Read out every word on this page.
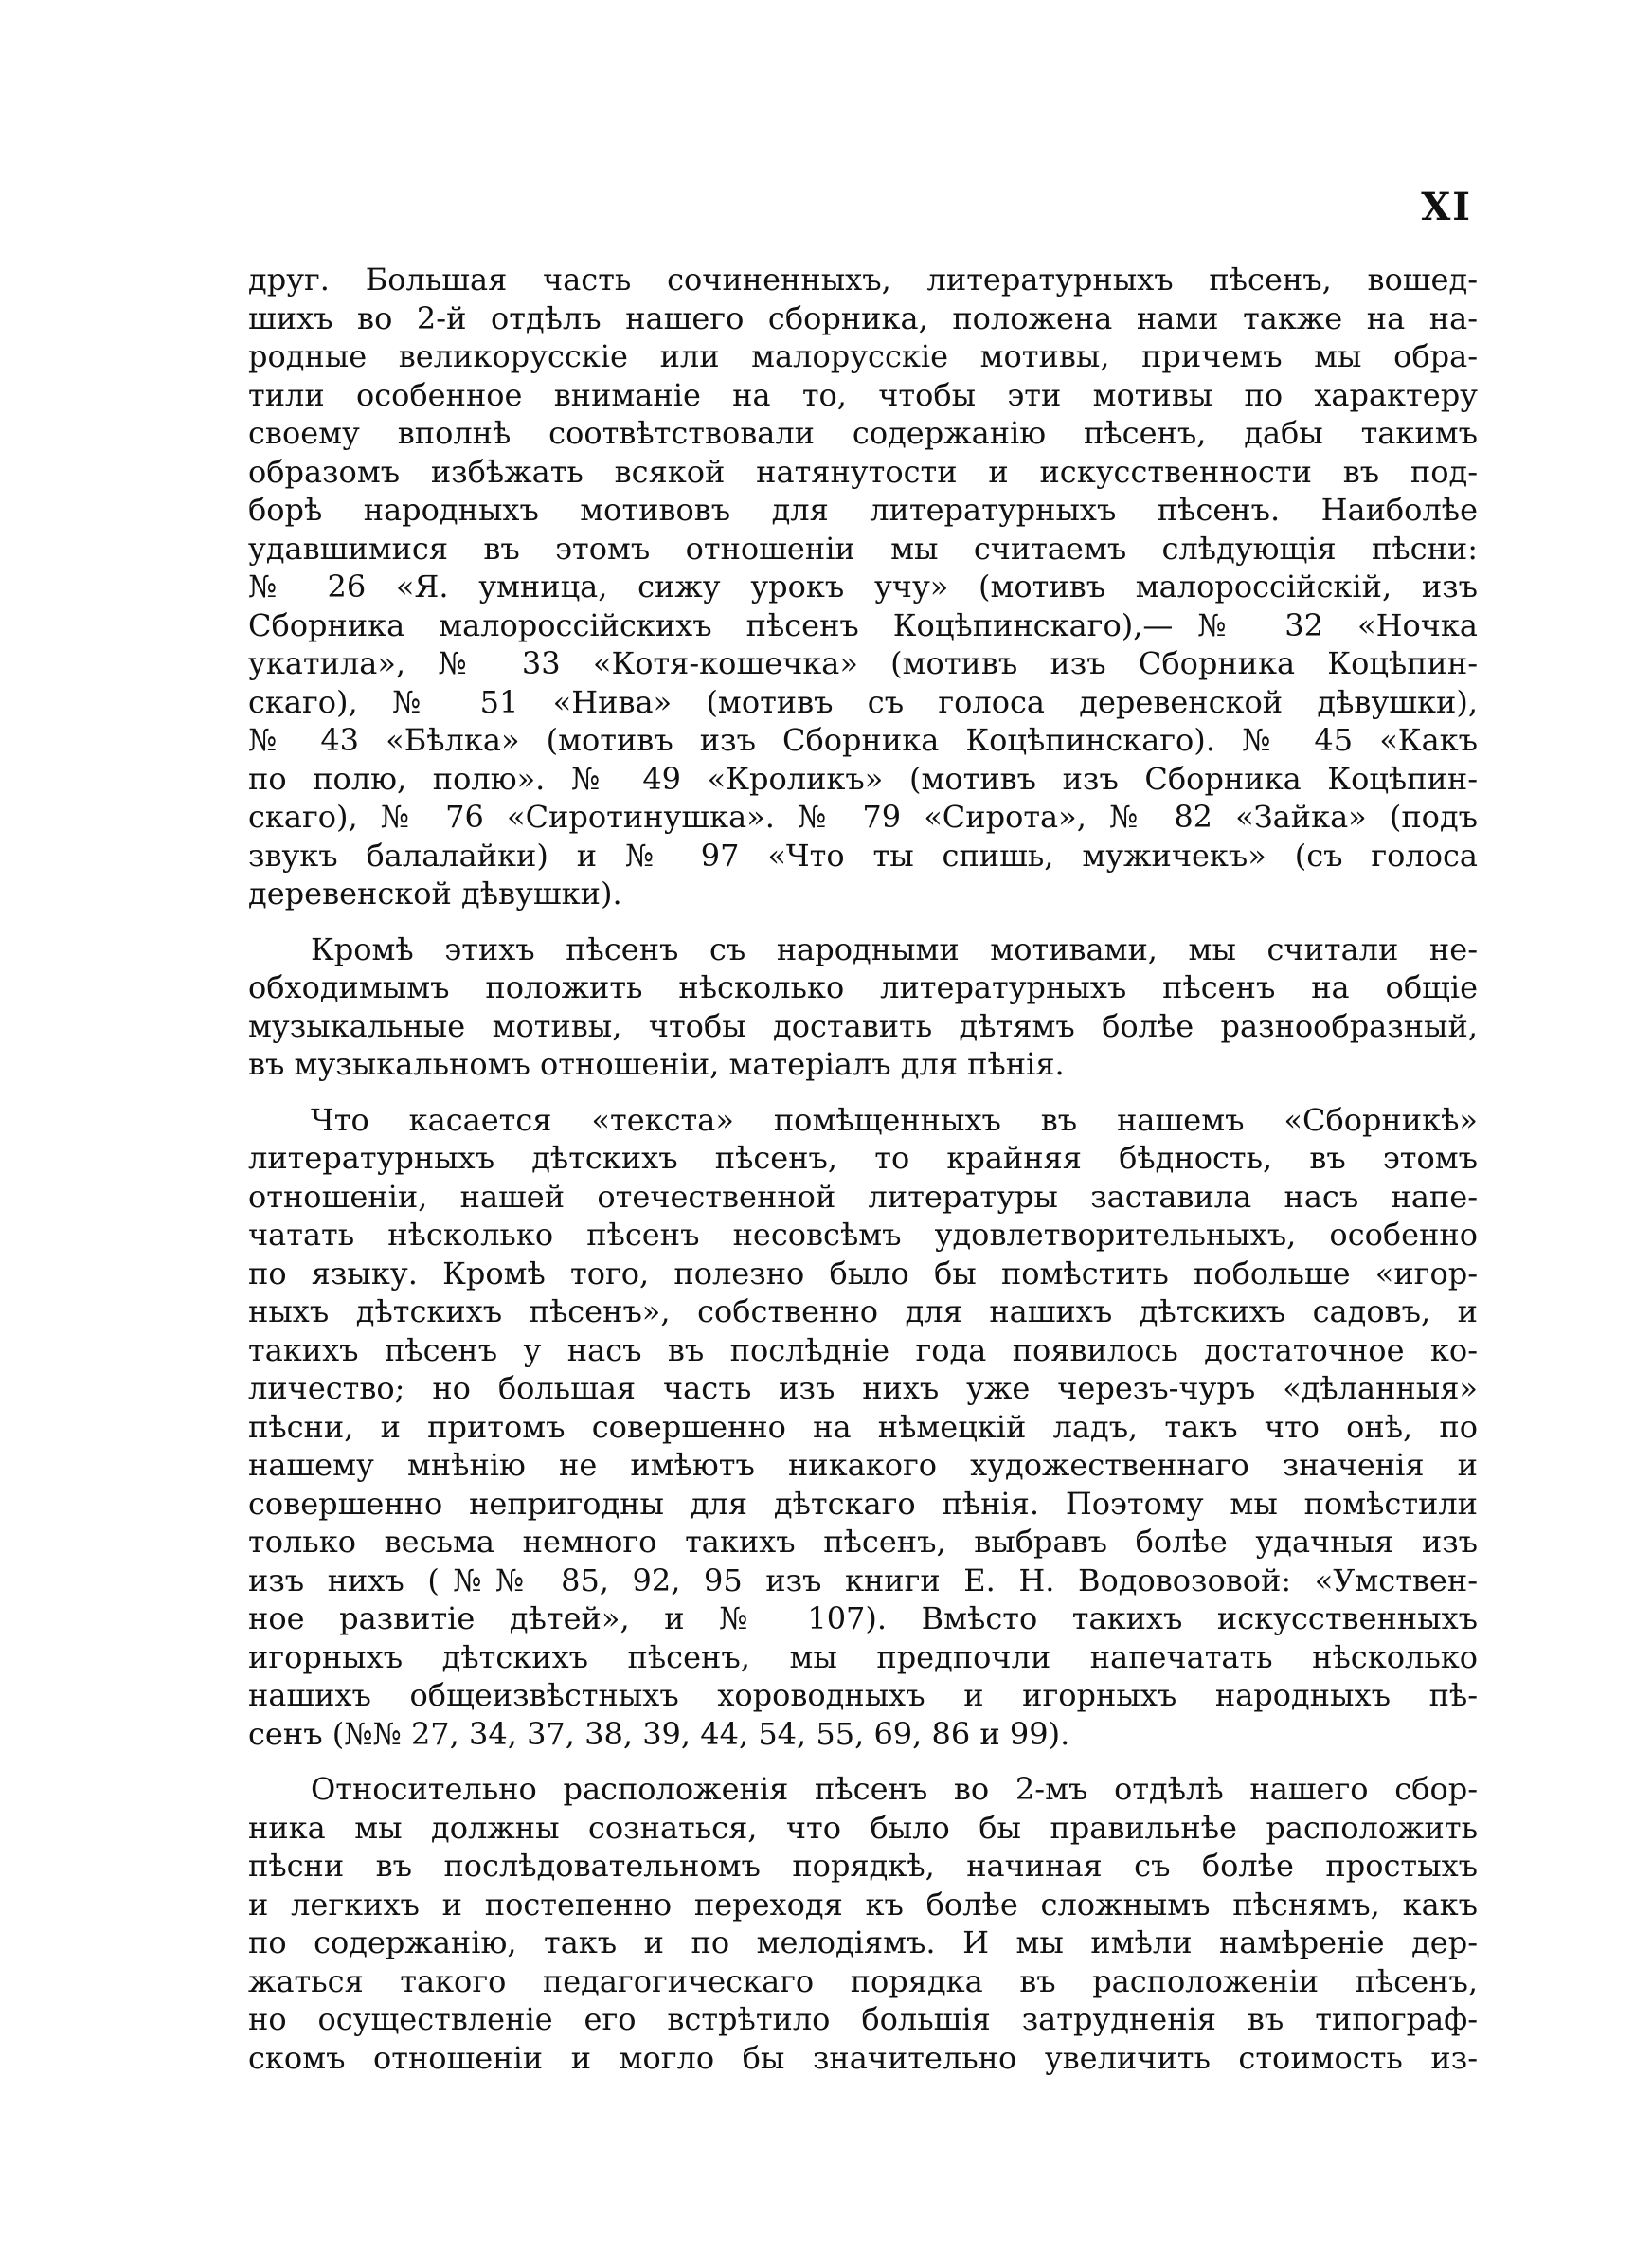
XI
друг. Большая часть сочиненныхъ, литературныхъ пѣсенъ, вошед-
шихъ во 2-й отдѣлъ нашего сборника, положена нами также на на-
родные великорусскіе или малорусскіе мотивы, причемъ мы обра-
тили особенное вниманіе на то, чтобы эти мотивы по характеру
своему вполнѣ соотвѣтствовали содержанію пѣсенъ, дабы такимъ
образомъ избѣжать всякой натянутости и искусственности въ под-
борѣ народныхъ мотивовъ для литературныхъ пѣсенъ. Наиболѣе
удавшимися въ этомъ отношеніи мы считаемъ слѣдующія пѣсни:
№ 26 «Я. умница, сижу урокъ учу» (мотивъ малороссійскій, изъ
Сборника малороссійскихъ пѣсенъ Коцѣпинскаго),—№ 32 «Ночка
укатила», № 33 «Котя-кошечка» (мотивъ изъ Сборника Коцѣпин-
скаго), № 51 «Нива» (мотивъ съ голоса деревенской дѣвушки),
№ 43 «Бѣлка» (мотивъ изъ Сборника Коцѣпинскаго). № 45 «Какъ
по полю, полю». № 49 «Кроликъ» (мотивъ изъ Сборника Коцѣпин-
скаго), № 76 «Сиротинушка». № 79 «Сирота», № 82 «Зайка» (подъ
звукъ балалайки) и № 97 «Что ты спишь, мужичекъ» (съ голоса
деревенской дѣвушки).
Кромѣ этихъ пѣсенъ съ народными мотивами, мы считали не-
обходимымъ положить нѣсколько литературныхъ пѣсенъ на общіе
музыкальные мотивы, чтобы доставить дѣтямъ болѣе разнообразный,
въ музыкальномъ отношеніи, матеріалъ для пѣнія.
Что касается «текста» помѣщенныхъ въ нашемъ «Сборникѣ»
литературныхъ дѣтскихъ пѣсенъ, то крайняя бѣдность, въ этомъ
отношеніи, нашей отечественной литературы заставила насъ напе-
чатать нѣсколько пѣсенъ несовсѣмъ удовлетворительныхъ, особенно
по языку. Кромѣ того, полезно было бы помѣстить побольше «игор-
ныхъ дѣтскихъ пѣсенъ», собственно для нашихъ дѣтскихъ садовъ, и
такихъ пѣсенъ у насъ въ послѣдніе года появилось достаточное ко-
личество; но большая часть изъ нихъ уже черезъ-чуръ «дѣланныя»
пѣсни, и притомъ совершенно на нѣмецкій ладъ, такъ что онѣ, по
нашему мнѣнію не имѣютъ никакого художественнаго значенія и
совершенно непригодны для дѣтскаго пѣнія. Поэтому мы помѣстили
только весьма немного такихъ пѣсенъ, выбравъ болѣе удачныя изъ
изъ нихъ (№№ 85, 92, 95 изъ книги Е. Н. Водовозовой: «Умствен-
ное развитіе дѣтей», и № 107). Вмѣсто такихъ искусственныхъ
игорныхъ дѣтскихъ пѣсенъ, мы предпочли напечатать нѣсколько
нашихъ общеизвѣстныхъ хороводныхъ и игорныхъ народныхъ пѣ-
сенъ (№№ 27, 34, 37, 38, 39, 44, 54, 55, 69, 86 и 99).
Относительно расположенія пѣсенъ во 2-мъ отдѣлѣ нашего сбор-
ника мы должны сознаться, что было бы правильнѣе расположить
пѣсни въ послѣдовательномъ порядкѣ, начиная съ болѣе простыхъ
и легкихъ и постепенно переходя къ болѣе сложнымъ пѣснямъ, какъ
по содержанію, такъ и по мелодіямъ. И мы имѣли намѣреніе дер-
жаться такого педагогическаго порядка въ расположеніи пѣсенъ,
но осуществленіе его встрѣтило большія затрудненія въ типограф-
скомъ отношеніи и могло бы значительно увеличить стоимость из-
